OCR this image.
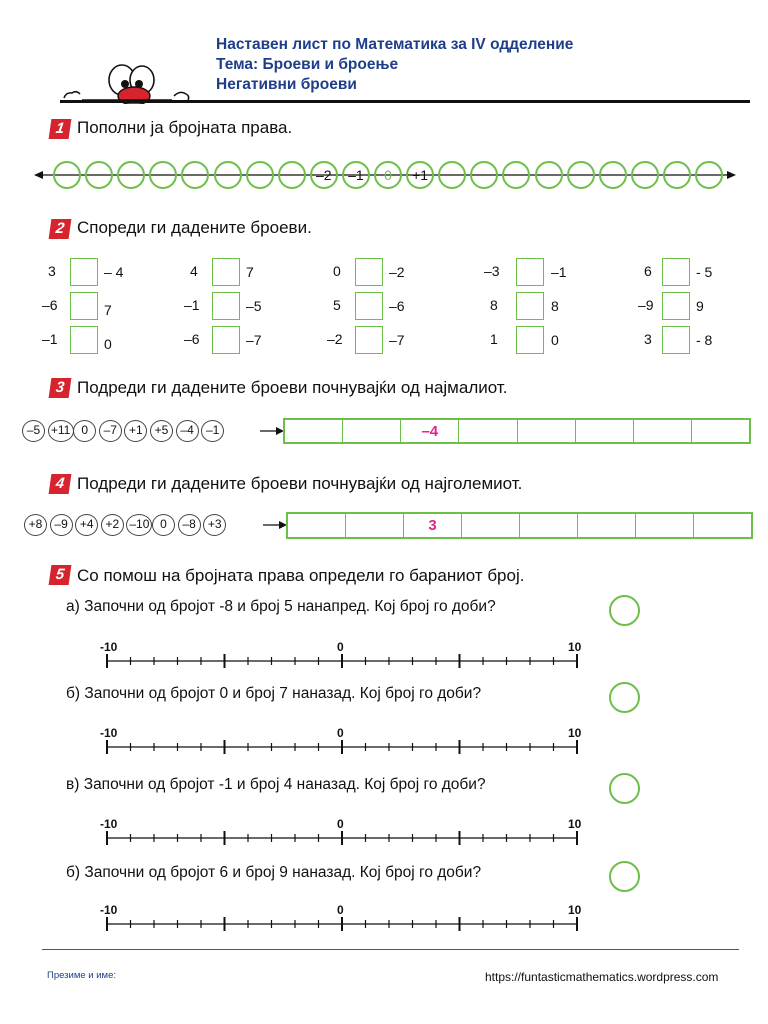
Наставен лист по Математика за IV одделение
Тема: Броеви и броење
Негативни броеви
1 Пополни ја бројната права.
–2	–1	0	+1
2 Спореди ги дадените броеви.
3	– 4	4	7	0	–2	–3	–1	6	- 5
–6	7	–1	–5	5	–6	8	8	–9	9
–1	0	–6	–7	–2	–7	1	0	3	- 8
3 Подреди ги дадените броеви почнувајќи од најмалиот.
–5 +11 0	–7	+1 +5	–4	–1	–4
4 Подреди ги дадените броеви почнувајќи од најголемиот.
+8	–9	+4 +2 –10 0	–8	+3	3
5 Со помош на бројната права определи го бараниот број.
а) Започни од бројот -8 и броj 5 нанапред. Кој број го доби?
-10	0	10
б) Започни од бројот 0 и броj 7 наназад. Кој број го доби?
-10	0	10
в) Започни од бројот -1 и броj 4 наназад. Кој број го доби?
-10	0	10
б) Започни од бројот 6 и броj 9 наназад. Кој број го доби?
-10	0	10
Презиме и име:	https://funtasticmathematics.wordpress.com
